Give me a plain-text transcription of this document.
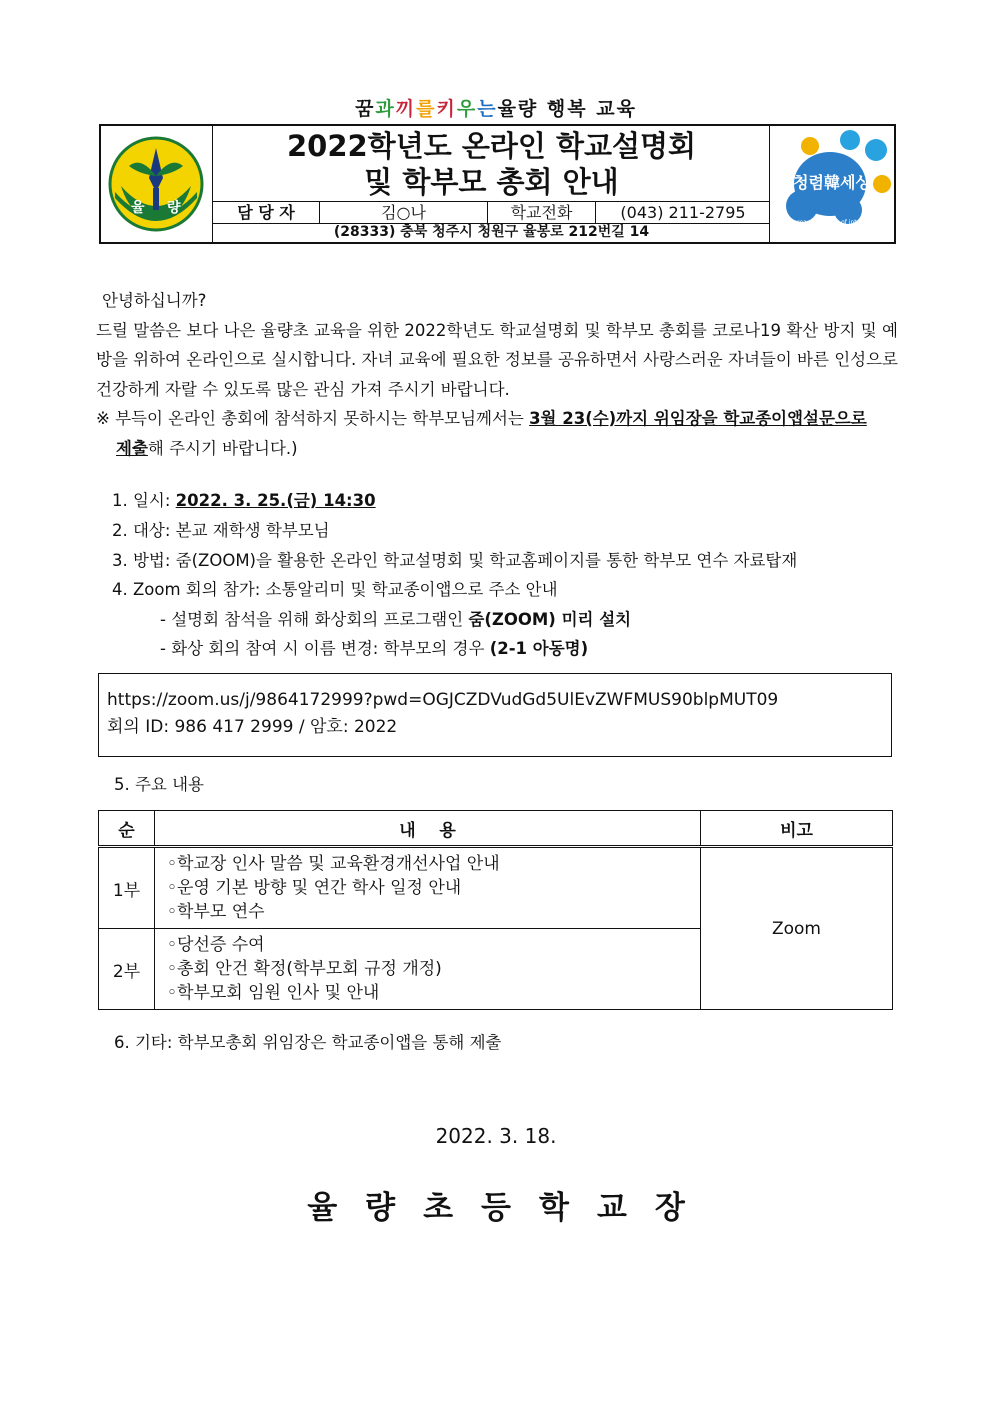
꿈과끼를키우는율량 행복 교육
율 량
2022학년도 온라인 학교설명회
및 학부모 총회 안내
담 당 자	김○나	학교전화	(043) 211-2795
(28333) 충북 청주시 청원구 율봉로 212번길 14
청렴韓세상
Korea, a country of integrity

안녕하십니까?

드릴 말씀은 보다 나은 율량초 교육을 위한 2022학년도 학교설명회 및 학부모 총회를 코로나19 확산 방지 및 예방을 위하여 온라인으로 실시합니다. 자녀 교육에 필요한 정보를 공유하면서 사랑스러운 자녀들이 바른 인성으로 건강하게 자랄 수 있도록 많은 관심 가져 주시기 바랍니다.

※ 부득이 온라인 총회에 참석하지 못하시는 학부모님께서는 3월 23(수)까지 위임장을 학교종이앱설문으로

제출해 주시기 바랍니다.)

1. 일시: 2022. 3. 25.(금) 14:30
2. 대상: 본교 재학생 학부모님
3. 방법: 줌(ZOOM)을 활용한 온라인 학교설명회 및 학교홈페이지를 통한 학부모 연수 자료탑재
4. Zoom 회의 참가: 소통알리미 및 학교종이앱으로 주소 안내
- 설명회 참석을 위해 화상회의 프로그램인 줌(ZOOM) 미리 설치
- 화상 회의 참여 시 이름 변경: 학부모의 경우 (2-1 아동명)
https://zoom.us/j/9864172999?pwd=OGJCZDVudGd5UlEvZWFMUS90blpMUT09
회의 ID: 986 417 2999 / 암호: 2022
5. 주요 내용
순	내    용	비고
1부	◦학교장 인사 말씀 및 교육환경개선사업 안내
◦운영 기본 방향 및 연간 학사 일정 안내
◦학부모 연수	Zoom
2부	◦당선증 수여
◦총회 안건 확정(학부모회 규정 개정)
◦학부모회 임원 인사 및 안내	
6. 기타: 학부모총회 위임장은 학교종이앱을 통해 제출
2022. 3. 18.
율량초등학교장
